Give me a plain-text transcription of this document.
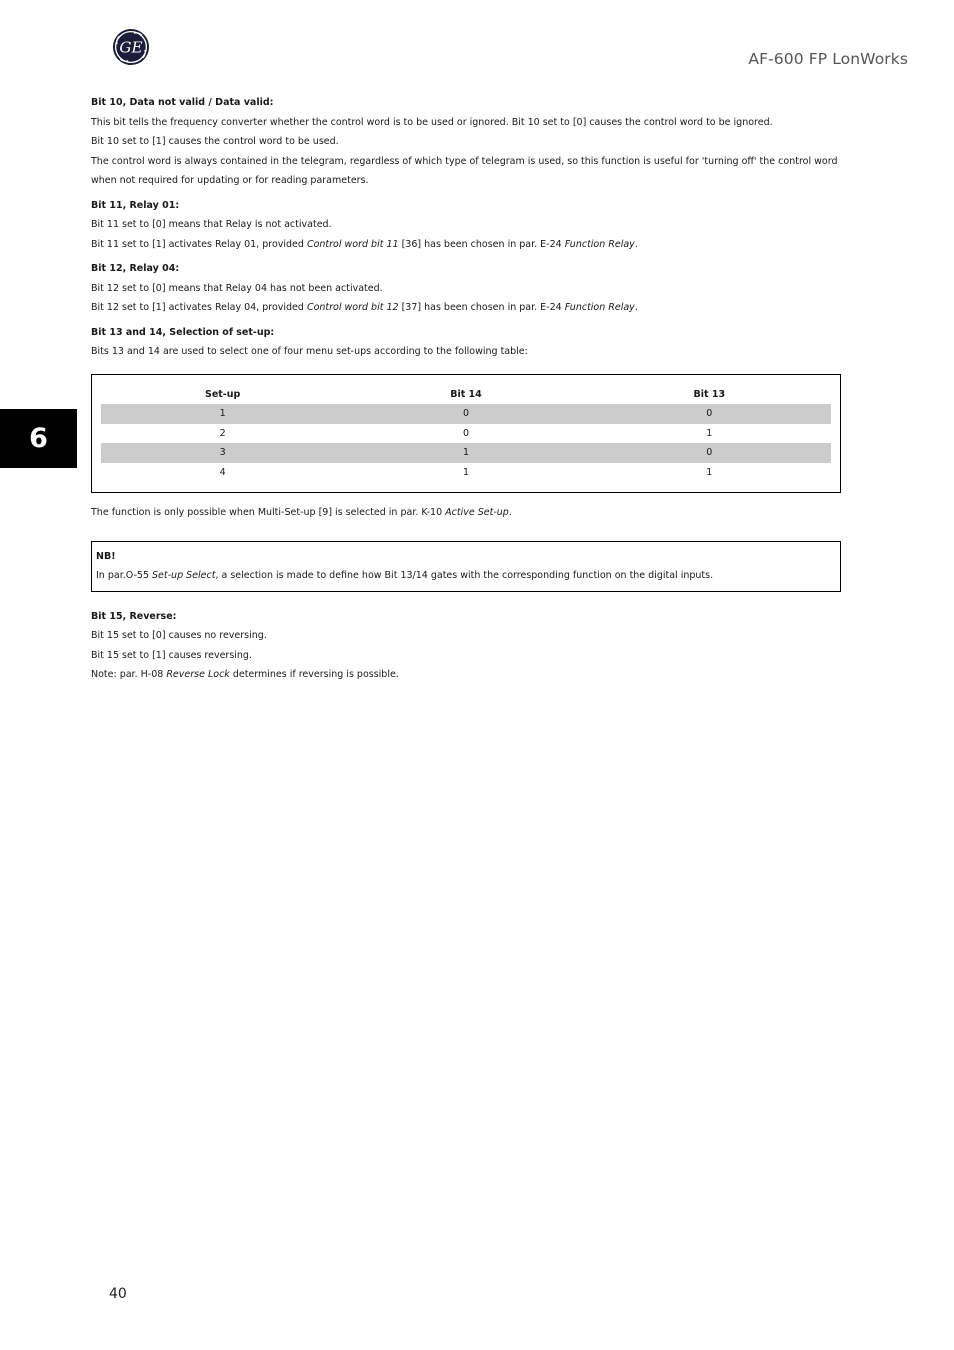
GE
AF-600 FP LonWorks
6

Bit 10, Data not valid / Data valid:

This bit tells the frequency converter whether the control word is to be used or ignored. Bit 10 set to [0] causes the control word to be ignored.

Bit 10 set to [1] causes the control word to be used.

The control word is always contained in the telegram, regardless of which type of telegram is used, so this function is useful for 'turning off' the control word when not required for updating or for reading parameters.

Bit 11, Relay 01:

Bit 11 set to [0] means that Relay is not activated.

Bit 11 set to [1] activates Relay 01, provided Control word bit 11 [36] has been chosen in par. E-24 Function Relay.

Bit 12, Relay 04:

Bit 12 set to [0] means that Relay 04 has not been activated.

Bit 12 set to [1] activates Relay 04, provided Control word bit 12 [37] has been chosen in par. E-24 Function Relay.

Bit 13 and 14, Selection of set-up:

Bits 13 and 14 are used to select one of four menu set-ups according to the following table:

Set-up	Bit 14	Bit 13
1	0	0
2	0	1
3	1	0
4	1	1

The function is only possible when Multi-Set-up [9] is selected in par. K-10 Active Set-up.

NB!

In par.O-55 Set-up Select, a selection is made to define how Bit 13/14 gates with the corresponding function on the digital inputs.

Bit 15, Reverse:

Bit 15 set to [0] causes no reversing.

Bit 15 set to [1] causes reversing.

Note: par. H-08 Reverse Lock determines if reversing is possible.

40
